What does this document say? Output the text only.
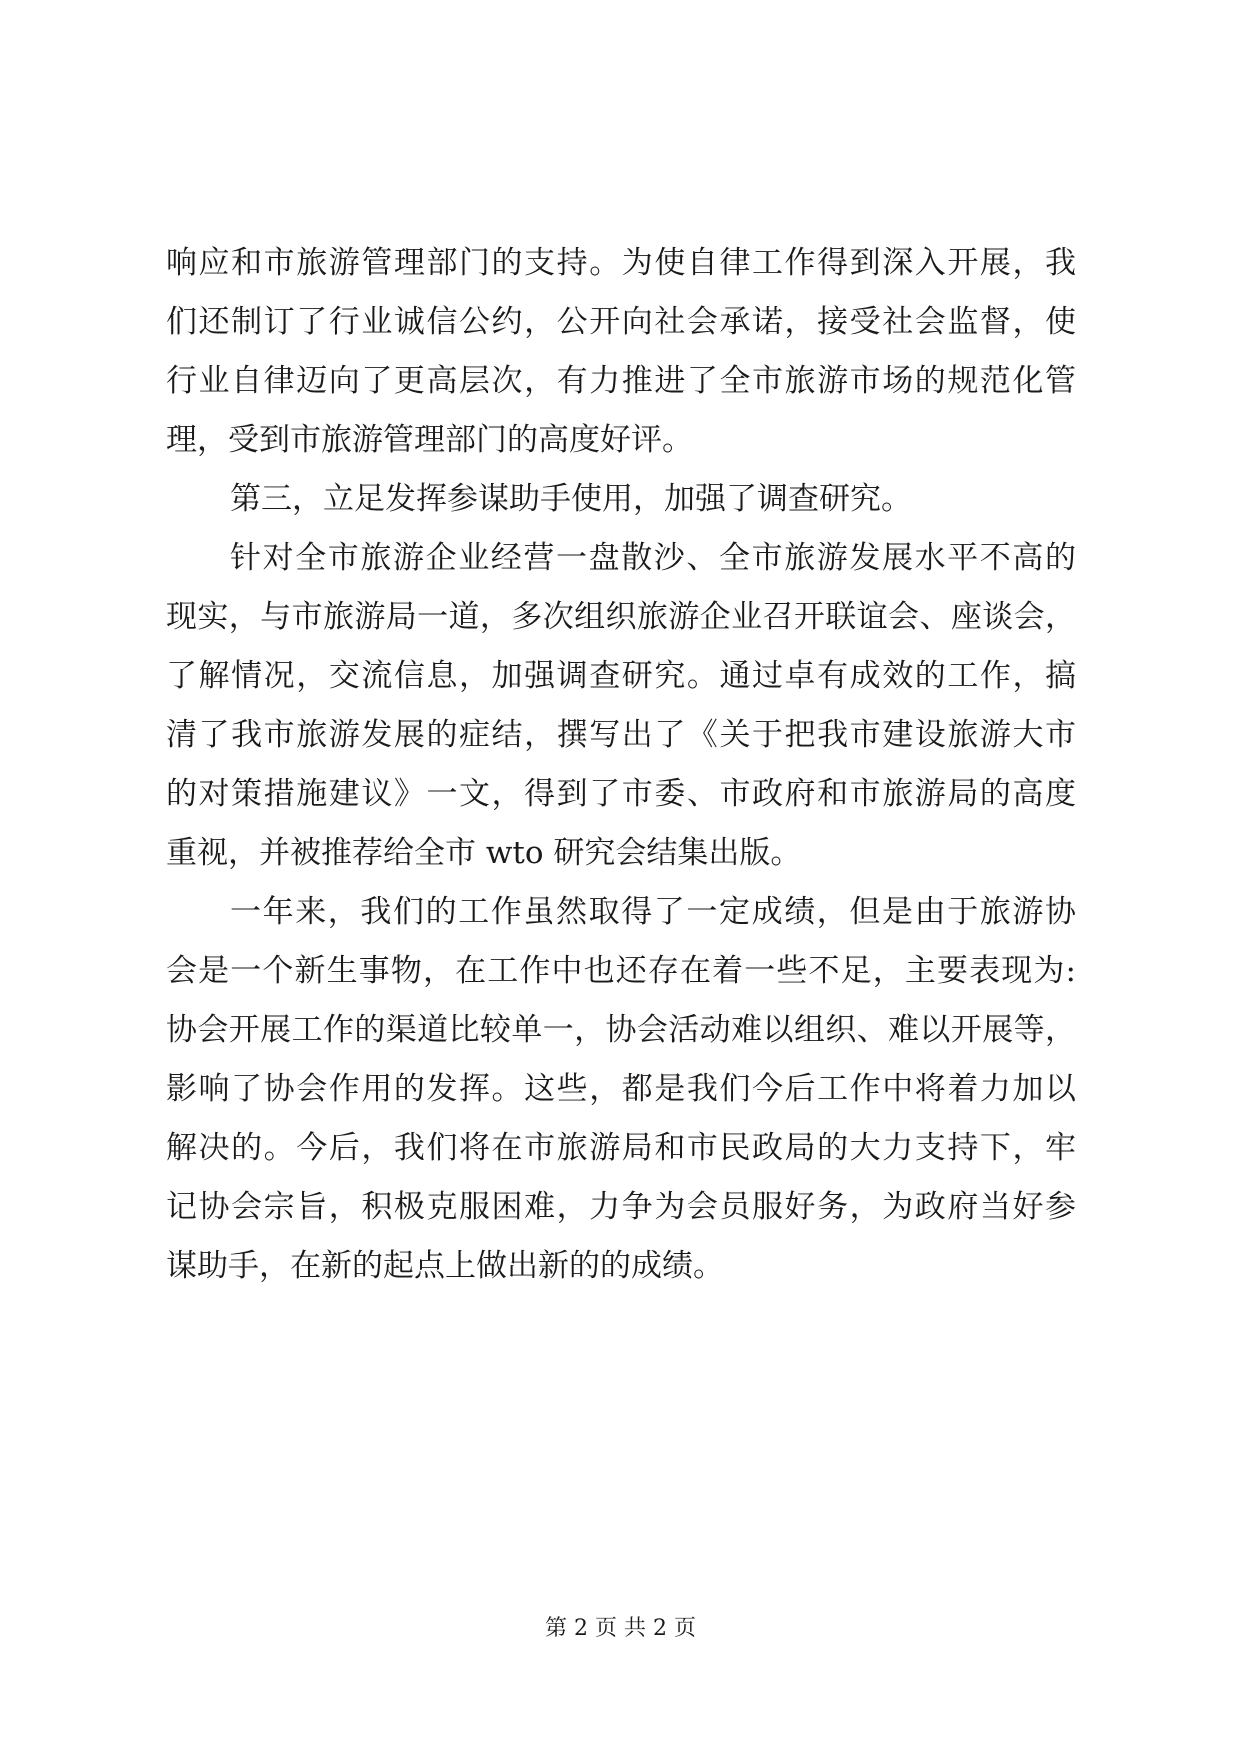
响应和市旅游管理部门的支持。为使自律工作得到深入开展，我
们还制订了行业诚信公约，公开向社会承诺，接受社会监督，使
行业自律迈向了更高层次，有力推进了全市旅游市场的规范化管
理，受到市旅游管理部门的高度好评。
第三，立足发挥参谋助手使用，加强了调查研究。
针对全市旅游企业经营一盘散沙、全市旅游发展水平不高的
现实，与市旅游局一道，多次组织旅游企业召开联谊会、座谈会，
了解情况，交流信息，加强调查研究。通过卓有成效的工作，搞
清了我市旅游发展的症结，撰写出了《关于把我市建设旅游大市
的对策措施建议》一文，得到了市委、市政府和市旅游局的高度
重视，并被推荐给全市 wto 研究会结集出版。
一年来，我们的工作虽然取得了一定成绩，但是由于旅游协
会是一个新生事物，在工作中也还存在着一些不足，主要表现为:
协会开展工作的渠道比较单一，协会活动难以组织、难以开展等，
影响了协会作用的发挥。这些，都是我们今后工作中将着力加以
解决的。今后，我们将在市旅游局和市民政局的大力支持下，牢
记协会宗旨，积极克服困难，力争为会员服好务，为政府当好参
谋助手，在新的起点上做出新的的成绩。
第 2 页 共 2 页
